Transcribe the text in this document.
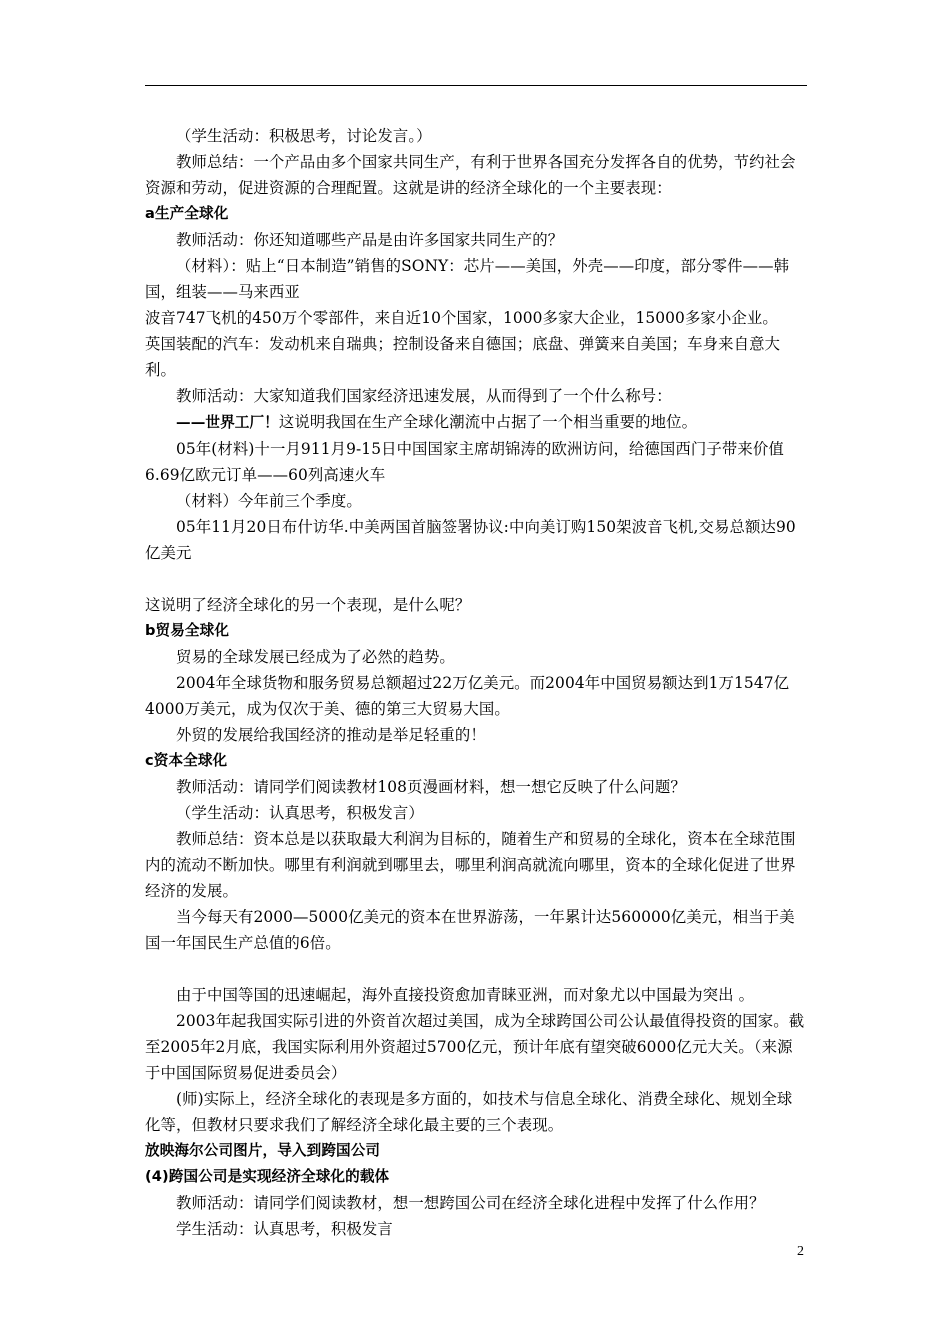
（学生活动：积极思考，讨论发言。）

教师总结：一个产品由多个国家共同生产，有利于世界各国充分发挥各自的优势，节约社会资源和劳动，促进资源的合理配置。这就是讲的经济全球化的一个主要表现：

a生产全球化

教师活动：你还知道哪些产品是由许多国家共同生产的？

（材料）：贴上“日本制造”销售的SONY：芯片——美国，外壳——印度，部分零件——韩国，组装——马来西亚

波音747飞机的450万个零部件，来自近10个国家，1000多家大企业，15000多家小企业。

英国装配的汽车：发动机来自瑞典；控制设备来自德国；底盘、弹簧来自美国；车身来自意大利。

教师活动：大家知道我们国家经济迅速发展，从而得到了一个什么称号：

——世界工厂！这说明我国在生产全球化潮流中占据了一个相当重要的地位。

05年(材料)十一月911月9-15日中国国家主席胡锦涛的欧洲访问，给德国西门子带来价值6.69亿欧元订单——60列高速火车

（材料）今年前三个季度。

05年11月20日布什访华.中美两国首脑签署协议:中向美订购150架波音飞机,交易总额达90亿美元

这说明了经济全球化的另一个表现，是什么呢？

b贸易全球化

贸易的全球发展已经成为了必然的趋势。

2004年全球货物和服务贸易总额超过22万亿美元。而2004年中国贸易额达到1万1547亿4000万美元，成为仅次于美、德的第三大贸易大国。

外贸的发展给我国经济的推动是举足轻重的！

c资本全球化

教师活动：请同学们阅读教材108页漫画材料，想一想它反映了什么问题？

（学生活动：认真思考，积极发言）

教师总结：资本总是以获取最大利润为目标的，随着生产和贸易的全球化，资本在全球范围内的流动不断加快。哪里有利润就到哪里去，哪里利润高就流向哪里，资本的全球化促进了世界经济的发展。

当今每天有2000—5000亿美元的资本在世界游荡，一年累计达560000亿美元，相当于美国一年国民生产总值的6倍。

由于中国等国的迅速崛起，海外直接投资愈加青睐亚洲，而对象尤以中国最为突出 。

2003年起我国实际引进的外资首次超过美国，成为全球跨国公司公认最值得投资的国家。截至2005年2月底，我国实际利用外资超过5700亿元，预计年底有望突破6000亿元大关。（来源于中国国际贸易促进委员会）

(师)实际上，经济全球化的表现是多方面的，如技术与信息全球化、消费全球化、规划全球化等，但教材只要求我们了解经济全球化最主要的三个表现。

放映海尔公司图片，导入到跨国公司

(4)跨国公司是实现经济全球化的载体

教师活动：请同学们阅读教材，想一想跨国公司在经济全球化进程中发挥了什么作用？

学生活动：认真思考，积极发言

2
